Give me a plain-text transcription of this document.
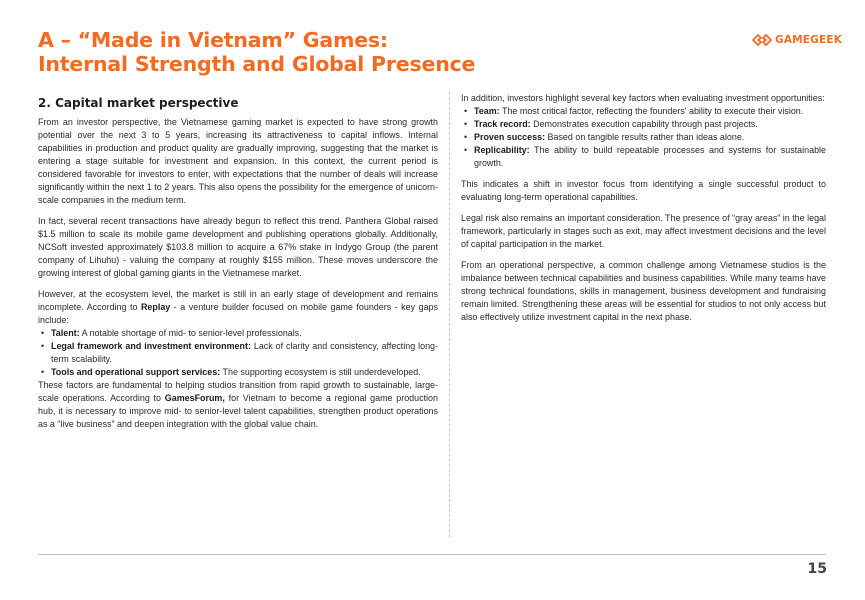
A – “Made in Vietnam” Games:
Internal Strength and Global Presence
GAMEGEEK
2. Capital market perspective

From an investor perspective, the Vietnamese gaming market is expected to have strong growth potential over the next 3 to 5 years, increasing its attractiveness to capital inflows. Internal capabilities in production and product quality are gradually improving, suggesting that the market is entering a stage suitable for investment and expansion. In this context, the current period is considered favorable for investors to enter, with expectations that the number of deals will increase significantly within the next 1 to 2 years. This also opens the possibility for the emergence of unicorn-scale companies in the medium term.

In fact, several recent transactions have already begun to reflect this trend. Panthera Global raised $1.5 million to scale its mobile game development and publishing operations globally. Additionally, NCSoft invested approximately $103.8 million to acquire a 67% stake in Indygo Group (the parent company of Lihuhu) - valuing the company at roughly $155 million. These moves underscore the growing interest of global gaming giants in the Vietnamese market.

However, at the ecosystem level, the market is still in an early stage of development and remains incomplete. According to Replay - a venture builder focused on mobile game founders - key gaps include:

• Talent: A notable shortage of mid- to senior-level professionals.
• Legal framework and investment environment: Lack of clarity and consistency, affecting long-term scalability.
• Tools and operational support services: The supporting ecosystem is still underdeveloped.

These factors are fundamental to helping studios transition from rapid growth to sustainable, large-scale operations. According to GamesForum, for Vietnam to become a regional game production hub, it is necessary to improve mid- to senior-level talent capabilities, strengthen product operations as a “live business” and deepen integration with the global value chain.

In addition, investors highlight several key factors when evaluating investment opportunities:

• Team: The most critical factor, reflecting the founders' ability to execute their vision.
• Track record: Demonstrates execution capability through past projects.
• Proven success: Based on tangible results rather than ideas alone.
• Replicability: The ability to build repeatable processes and systems for sustainable growth.

This indicates a shift in investor focus from identifying a single successful product to evaluating long-term operational capabilities.

Legal risk also remains an important consideration. The presence of “gray areas” in the legal framework, particularly in stages such as exit, may affect investment decisions and the level of capital participation in the market.

From an operational perspective, a common challenge among Vietnamese studios is the imbalance between technical capabilities and business capabilities. While many teams have strong technical foundations, skills in management, business development and fundraising remain limited. Strengthening these areas will be essential for studios to not only access but also effectively utilize investment capital in the next phase.

15
